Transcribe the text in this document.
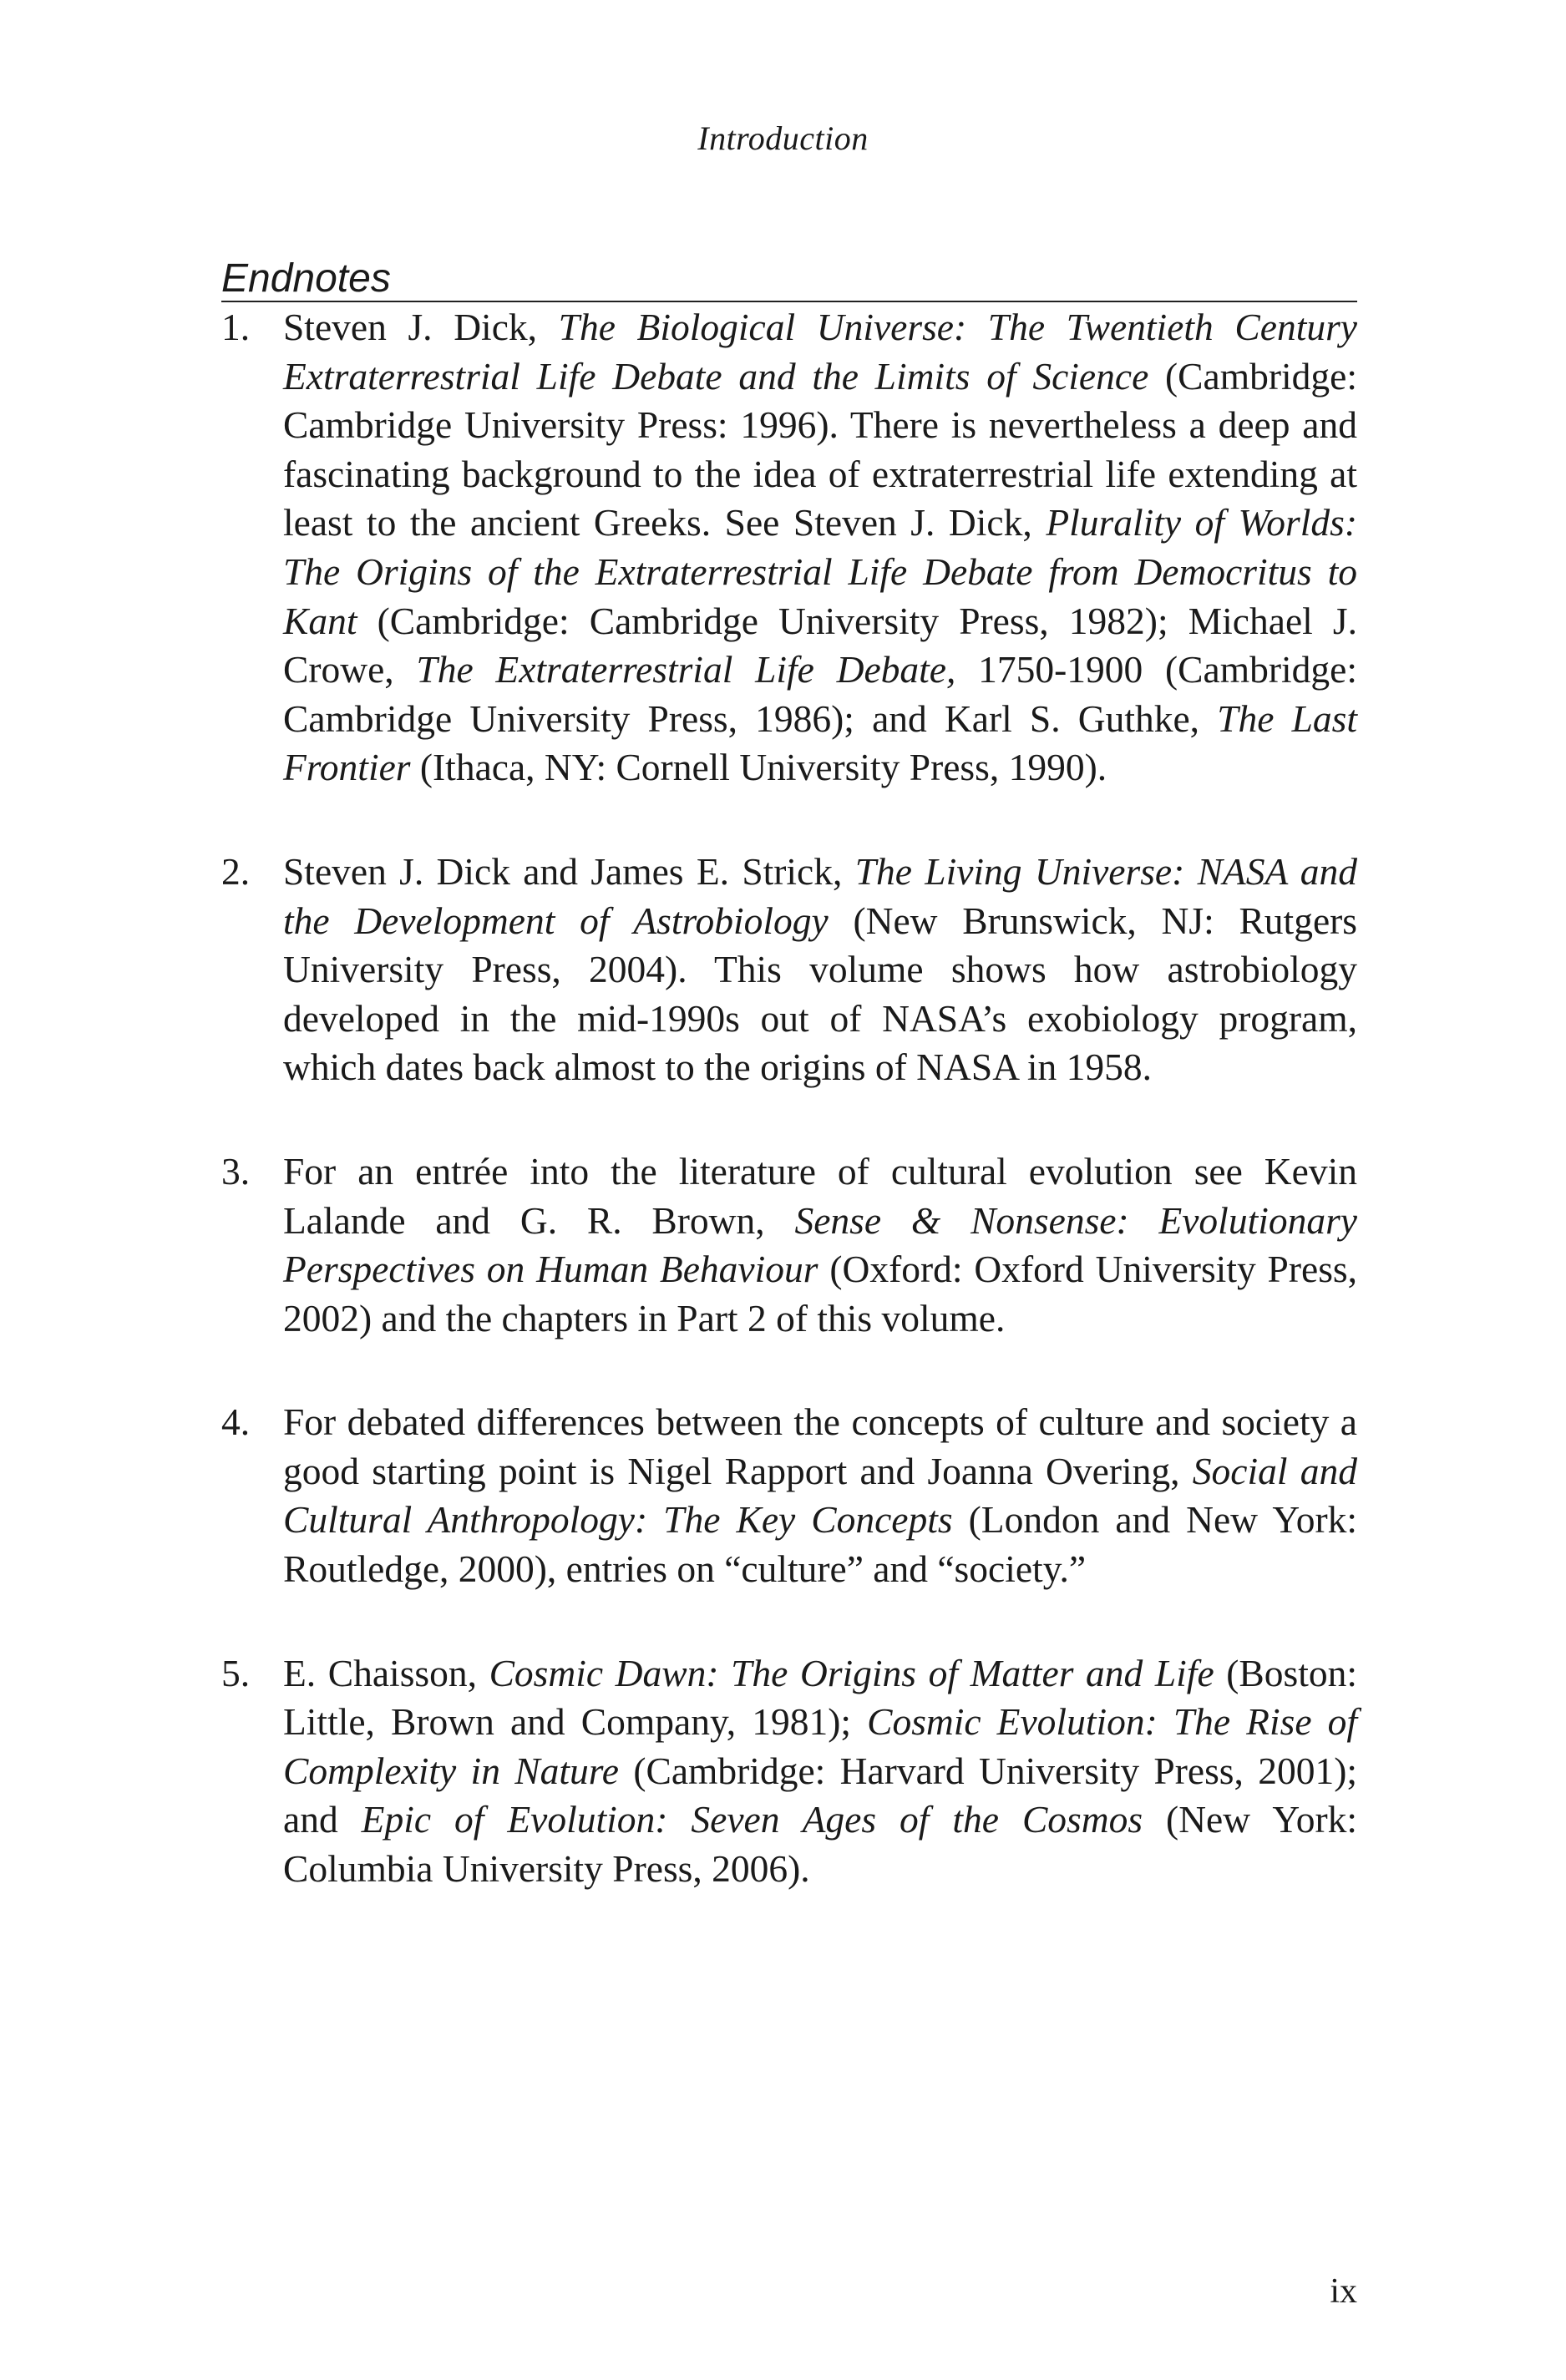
Introduction
Endnotes
1. Steven J. Dick, The Biological Universe: The Twentieth Century Extraterrestrial Life Debate and the Limits of Science (Cambridge: Cambridge University Press: 1996). There is nevertheless a deep and fascinating background to the idea of extraterrestrial life extending at least to the ancient Greeks. See Steven J. Dick, Plurality of Worlds: The Origins of the Extraterrestrial Life Debate from Democritus to Kant (Cambridge: Cambridge University Press, 1982); Michael J. Crowe, The Extraterrestrial Life Debate, 1750-1900 (Cambridge: Cambridge University Press, 1986); and Karl S. Guthke, The Last Frontier (Ithaca, NY: Cornell University Press, 1990).
2. Steven J. Dick and James E. Strick, The Living Universe: NASA and the Development of Astrobiology (New Brunswick, NJ: Rutgers University Press, 2004). This volume shows how astrobiology developed in the mid-1990s out of NASA’s exobiology program, which dates back almost to the origins of NASA in 1958.
3. For an entrée into the literature of cultural evolution see Kevin Lalande and G. R. Brown, Sense & Nonsense: Evolutionary Perspectives on Human Behaviour (Oxford: Oxford University Press, 2002) and the chapters in Part 2 of this volume.
4. For debated differences between the concepts of culture and society a good starting point is Nigel Rapport and Joanna Overing, Social and Cultural Anthropology: The Key Concepts (London and New York: Routledge, 2000), entries on “culture” and “society.”
5. E. Chaisson, Cosmic Dawn: The Origins of Matter and Life (Boston: Little, Brown and Company, 1981); Cosmic Evolution: The Rise of Complexity in Nature (Cambridge: Harvard University Press, 2001); and Epic of Evolution: Seven Ages of the Cosmos (New York: Columbia University Press, 2006).
ix
